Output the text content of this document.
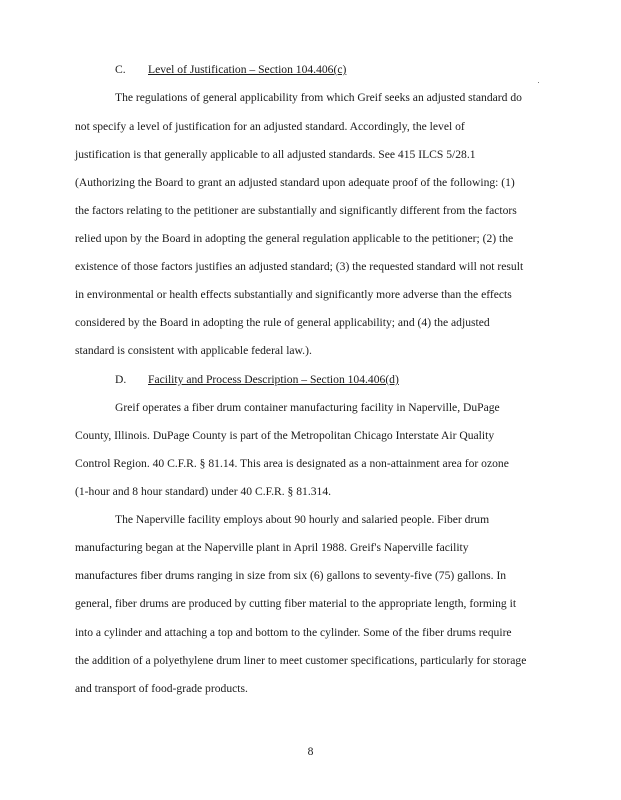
C. Level of Justification – Section 104.406(c)
The regulations of general applicability from which Greif seeks an adjusted standard do
not specify a level of justification for an adjusted standard. Accordingly, the level of
justification is that generally applicable to all adjusted standards. See 415 ILCS 5/28.1
(Authorizing the Board to grant an adjusted standard upon adequate proof of the following: (1)
the factors relating to the petitioner are substantially and significantly different from the factors
relied upon by the Board in adopting the general regulation applicable to the petitioner; (2) the
existence of those factors justifies an adjusted standard; (3) the requested standard will not result
in environmental or health effects substantially and significantly more adverse than the effects
considered by the Board in adopting the rule of general applicability; and (4) the adjusted
standard is consistent with applicable federal law.).
D. Facility and Process Description – Section 104.406(d)
Greif operates a fiber drum container manufacturing facility in Naperville, DuPage
County, Illinois. DuPage County is part of the Metropolitan Chicago Interstate Air Quality
Control Region. 40 C.F.R. § 81.14. This area is designated as a non-attainment area for ozone
(1-hour and 8 hour standard) under 40 C.F.R. § 81.314.
The Naperville facility employs about 90 hourly and salaried people. Fiber drum
manufacturing began at the Naperville plant in April 1988. Greif's Naperville facility
manufactures fiber drums ranging in size from six (6) gallons to seventy-five (75) gallons. In
general, fiber drums are produced by cutting fiber material to the appropriate length, forming it
into a cylinder and attaching a top and bottom to the cylinder. Some of the fiber drums require
the addition of a polyethylene drum liner to meet customer specifications, particularly for storage
and transport of food-grade products.
8
